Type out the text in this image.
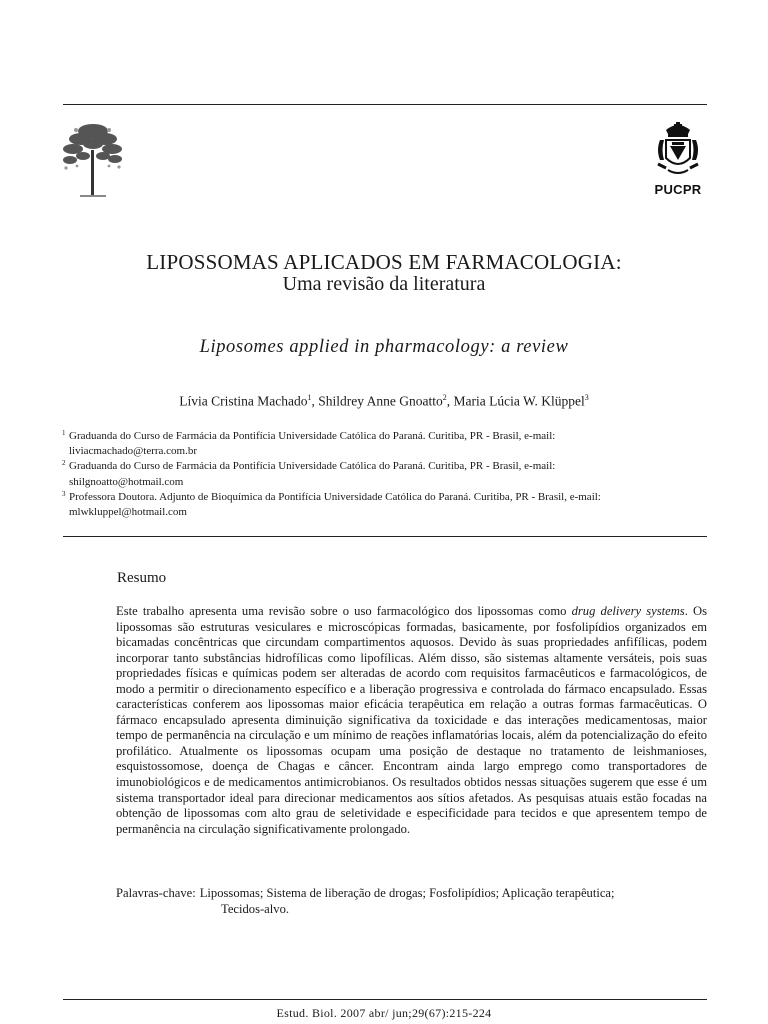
PUCPR
LIPOSSOMAS APLICADOS EM FARMACOLOGIA:
Uma revisão da literatura
Liposomes applied in pharmacology: a review
Lívia Cristina Machado$^1$, Shildrey Anne Gnoatto$^2$, Maria Lúcia W. Klüppel$^3$
1 Graduanda do Curso de Farmácia da Pontifícia Universidade Católica do Paraná. Curitiba, PR - Brasil, e-mail:
liviacmachado@terra.com.br
2 Graduanda do Curso de Farmácia da Pontifícia Universidade Católica do Paraná. Curitiba, PR - Brasil, e-mail:
shilgnoatto@hotmail.com
3 Professora Doutora. Adjunto de Bioquímica da Pontifícia Universidade Católica do Paraná. Curitiba, PR - Brasil, e-mail:
mlwkluppel@hotmail.com
Resumo

Este trabalho apresenta uma revisão sobre o uso farmacológico dos lipossomas como drug delivery systems. Os lipossomas são estruturas vesiculares e microscópicas formadas, basicamente, por fosfolipídios organizados em bicamadas concêntricas que circundam compartimentos aquosos. Devido às suas propriedades anfifílicas, podem incorporar tanto substâncias hidrofílicas como lipofílicas. Além disso, são sistemas altamente versáteis, pois suas propriedades físicas e químicas podem ser alteradas de acordo com requisitos farmacêuticos e farmacológicos, de modo a permitir o direcionamento específico e a liberação progressiva e controlada do fármaco encapsulado. Essas características conferem aos lipossomas maior eficácia terapêutica em relação a outras formas farmacêuticas. O fármaco encapsulado apresenta diminuição significativa da toxicidade e das interações medicamentosas, maior tempo de permanência na circulação e um mínimo de reações inflamatórias locais, além da potencialização do efeito profilático. Atualmente os lipossomas ocupam uma posição de destaque no tratamento de leishmanioses, esquistossomose, doença de Chagas e câncer. Encontram ainda largo emprego como transportadores de imunobiológicos e de medicamentos antimicrobianos. Os resultados obtidos nessas situações sugerem que esse é um sistema transportador ideal para direcionar medicamentos aos sítios afetados. As pesquisas atuais estão focadas na obtenção de lipossomas com alto grau de seletividade e especificidade para tecidos e que apresentem tempo de permanência na circulação significativamente prolongado.

Palavras-chave: Lipossomas; Sistema de liberação de drogas; Fosfolipídios; Aplicação terapêutica;
Tecidos-alvo.
Estud. Biol. 2007 abr/ jun;29(67):215-224
